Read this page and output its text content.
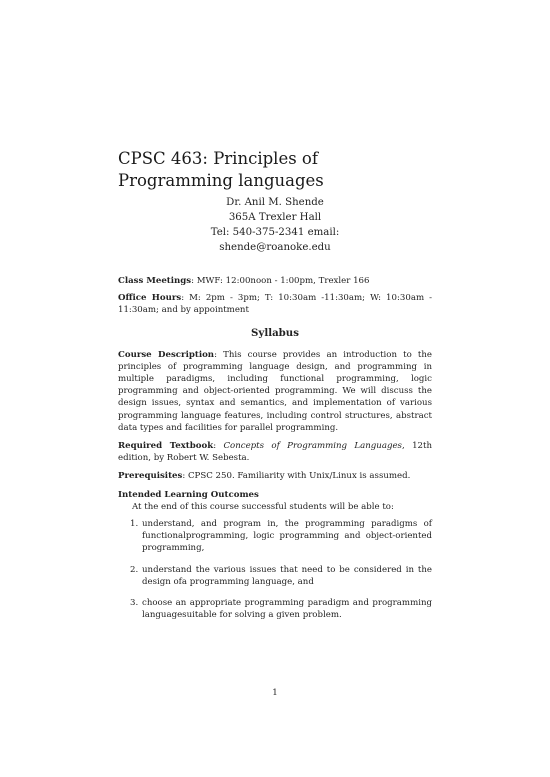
CPSC 463: Principles of Programming languages
Dr. Anil M. Shende
365A Trexler Hall
Tel: 540-375-2341 email:
shende@roanoke.edu

Class Meetings: MWF: 12:00noon - 1:00pm, Trexler 166

Office Hours: M: 2pm - 3pm; T: 10:30am -11:30am; W: 10:30am - 11:30am; and by appointment

Syllabus

Course Description: This course provides an introduction to the principles of programming language design, and programming in multiple paradigms, including functional programming, logic programming and object-oriented programming. We will discuss the design issues, syntax and semantics, and implementation of various programming language features, including control structures, abstract data types and facilities for parallel programming.

Required Textbook: Concepts of Programming Languages, 12th edition, by Robert W. Sebesta.

Prerequisites: CPSC 250. Familiarity with Unix/Linux is assumed.

Intended Learning Outcomes
At the end of this course successful students will be able to:
1. understand, and program in, the programming paradigms of functionalprogramming, logic programming and object-oriented programming,

2. understand the various issues that need to be considered in the design ofa programming language, and

3. choose an appropriate programming paradigm and programming languagesuitable for solving a given problem.

1
